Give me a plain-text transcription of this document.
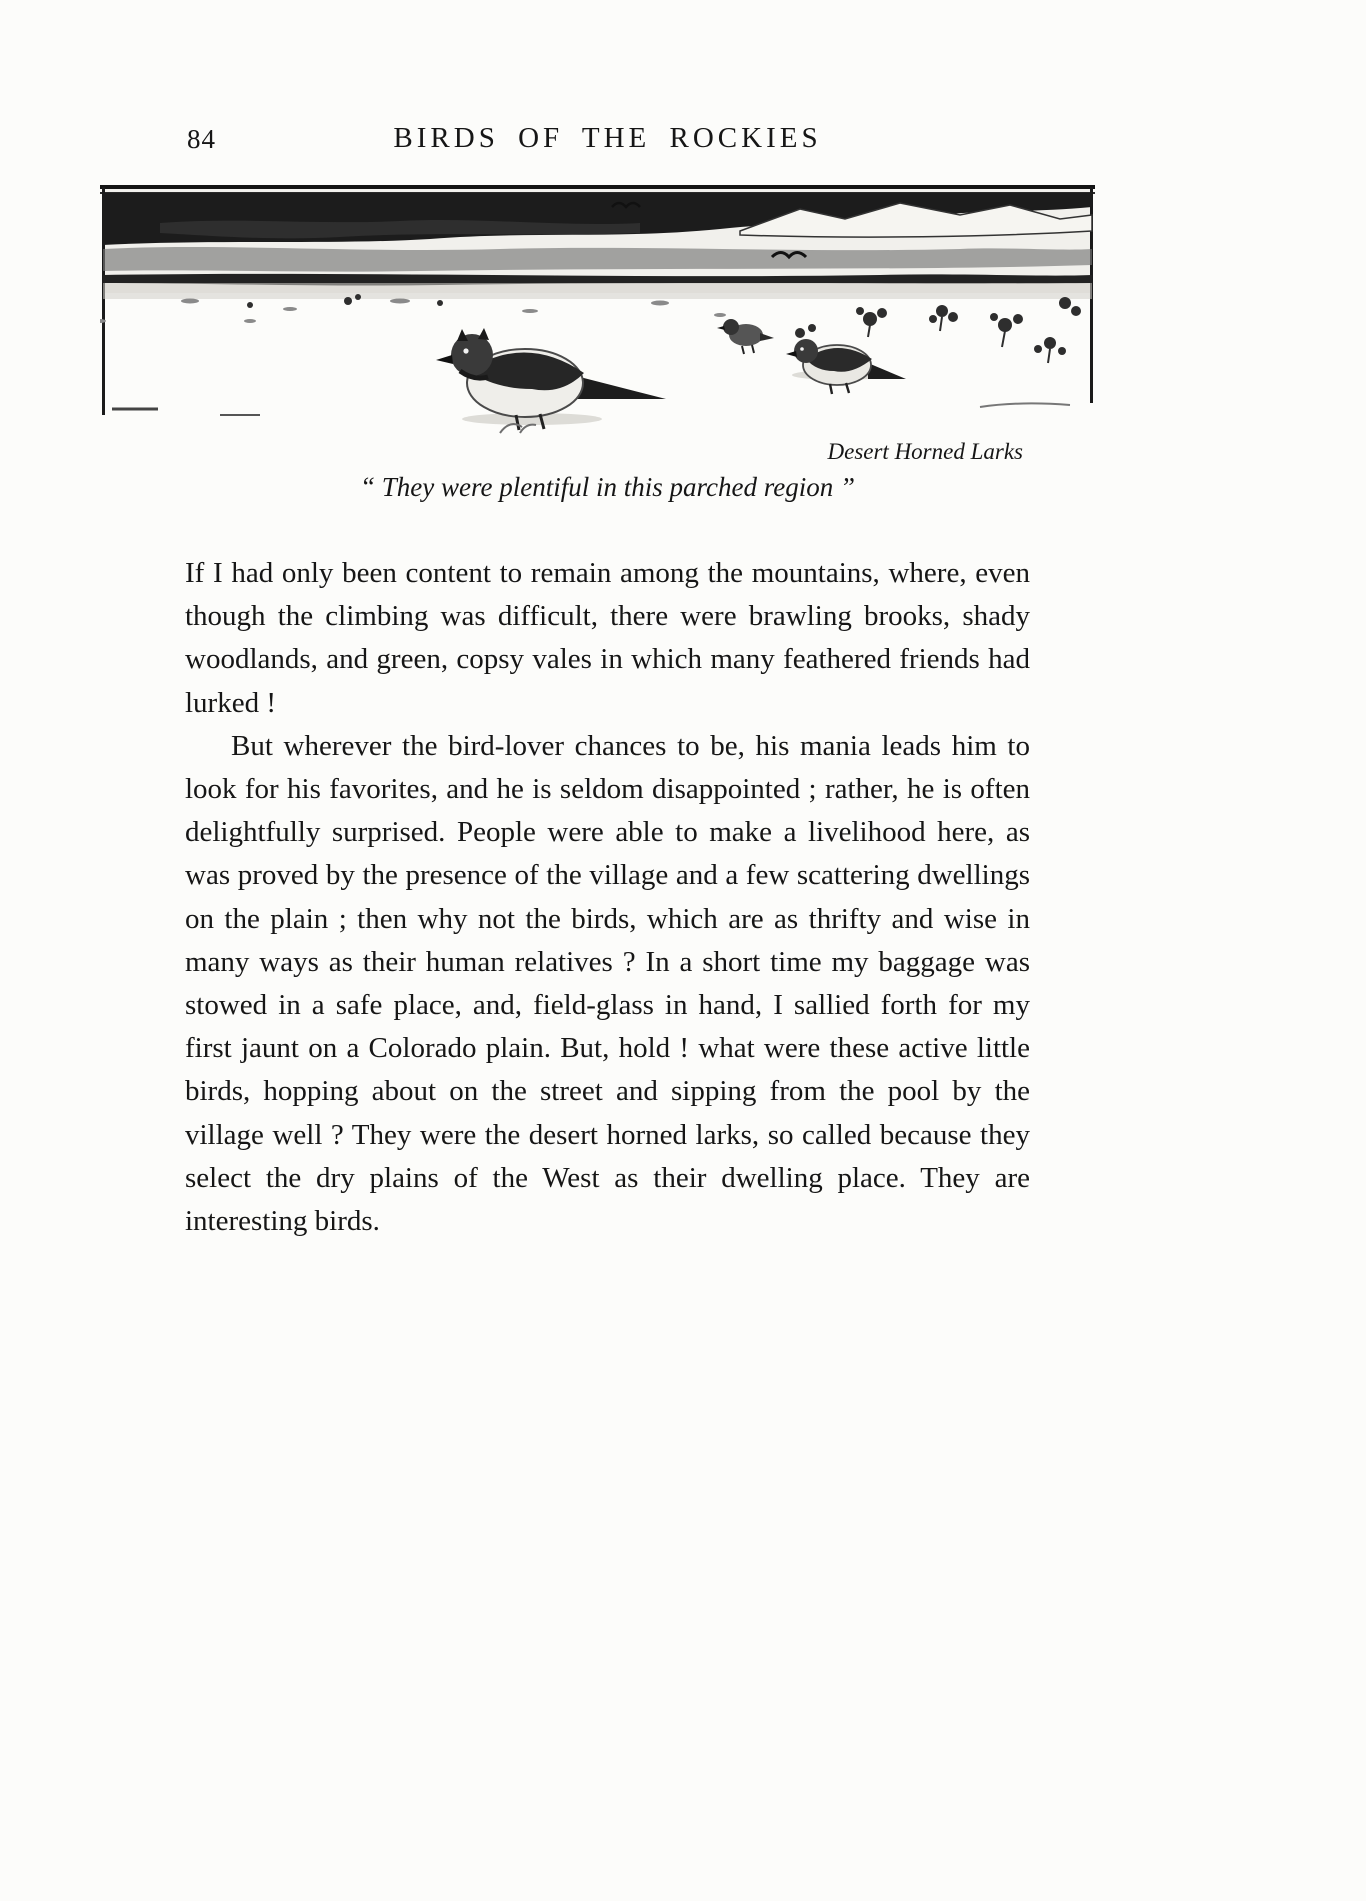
84	BIRDS OF THE ROCKIES
Desert Horned Larks
“ They were plentiful in this parched region ”

If I had only been content to remain among the mountains, where, even though the climbing was difficult, there were brawling brooks, shady woodlands, and green, copsy vales in which many feathered friends had lurked !

But wherever the bird-lover chances to be, his mania leads him to look for his favorites, and he is seldom disappointed ; rather, he is often delightfully surprised. People were able to make a livelihood here, as was proved by the presence of the village and a few scattering dwellings on the plain ; then why not the birds, which are as thrifty and wise in many ways as their human relatives ? In a short time my baggage was stowed in a safe place, and, field-glass in hand, I sallied forth for my first jaunt on a Colorado plain. But, hold ! what were these active little birds, hopping about on the street and sipping from the pool by the village well ? They were the desert horned larks, so called because they select the dry plains of the West as their dwelling place. They are interesting birds.
